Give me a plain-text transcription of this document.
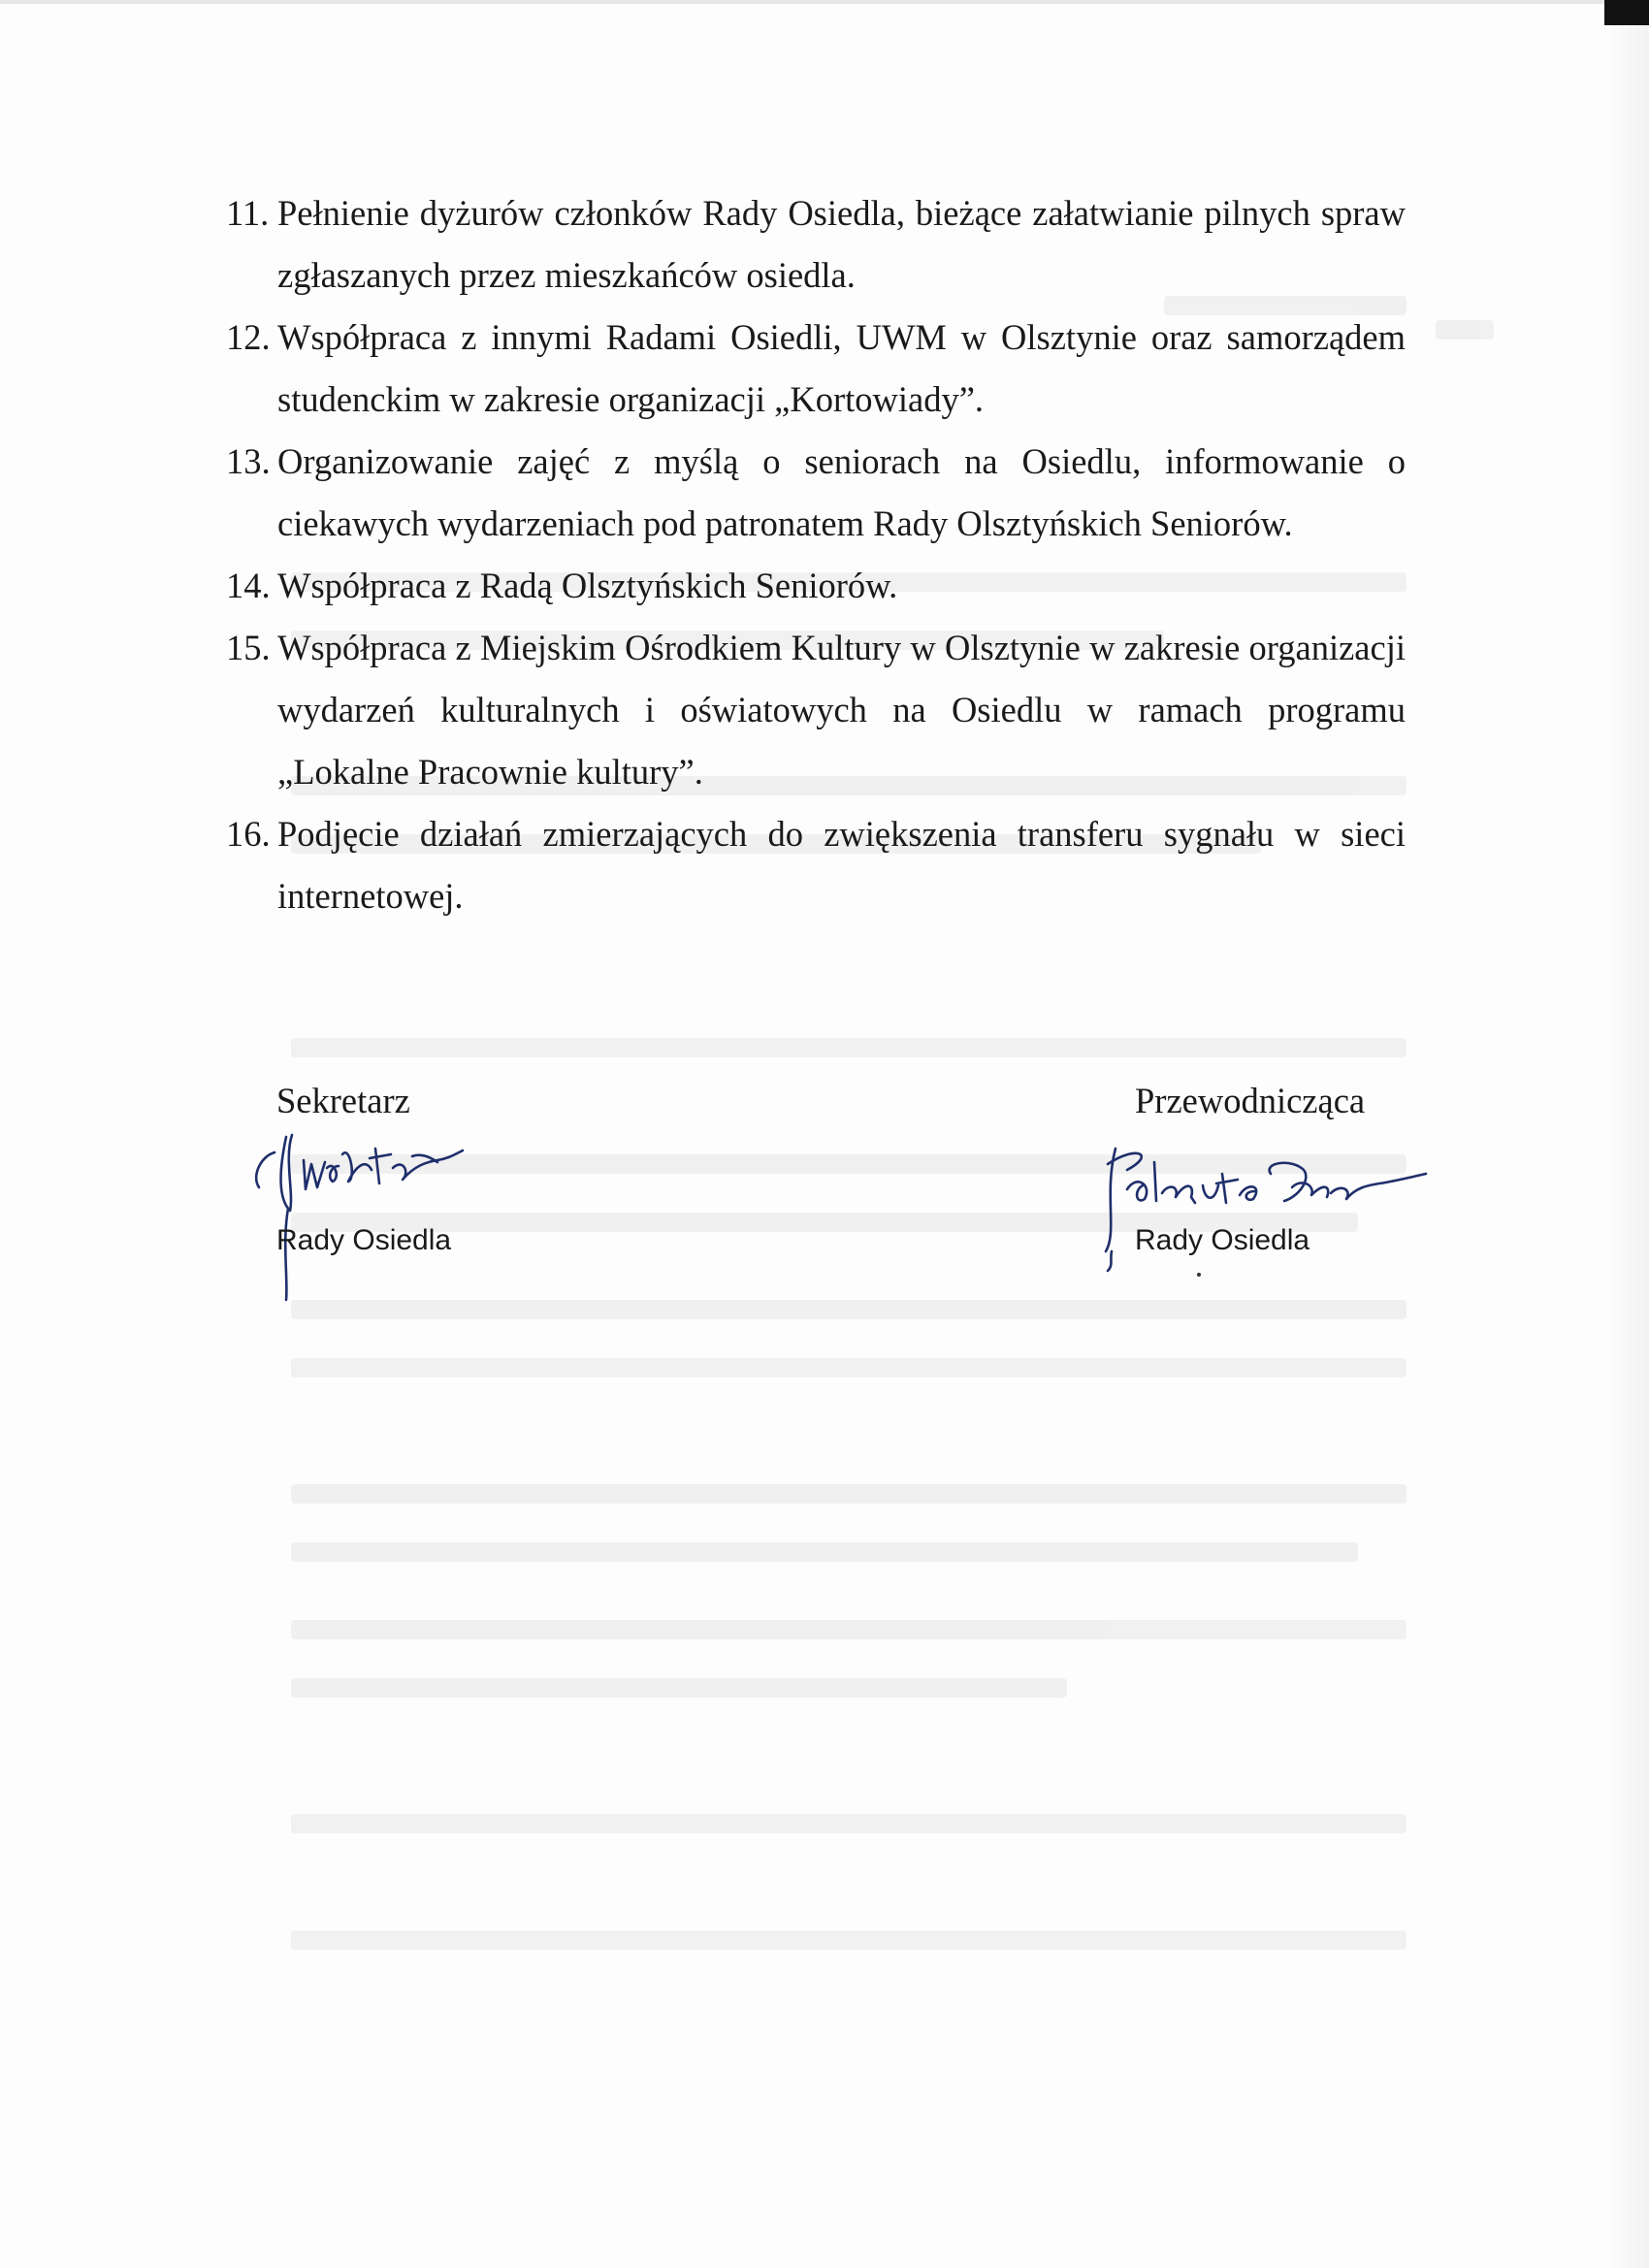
11. Pełnienie dyżurów członków Rady Osiedla, bieżące załatwianie pilnych spraw zgłaszanych przez mieszkańców osiedla.
12. Współpraca z innymi Radami Osiedli, UWM w Olsztynie oraz samorządem studenckim w zakresie organizacji „Kortowiady”.
13. Organizowanie zajęć z myślą o seniorach na Osiedlu, informowanie o ciekawych wydarzeniach pod patronatem Rady Olsztyńskich Seniorów.
14. Współpraca z Radą Olsztyńskich Seniorów.
15. Współpraca z Miejskim Ośrodkiem Kultury w Olsztynie w zakresie organizacji wydarzeń kulturalnych i oświatowych na Osiedlu w ramach programu „Lokalne Pracownie kultury”.
16. Podjęcie działań zmierzających do zwiększenia transferu sygnału w sieci internetowej.
Sekretarz	Przewodnicząca
Rady Osiedla	Rady Osiedla
